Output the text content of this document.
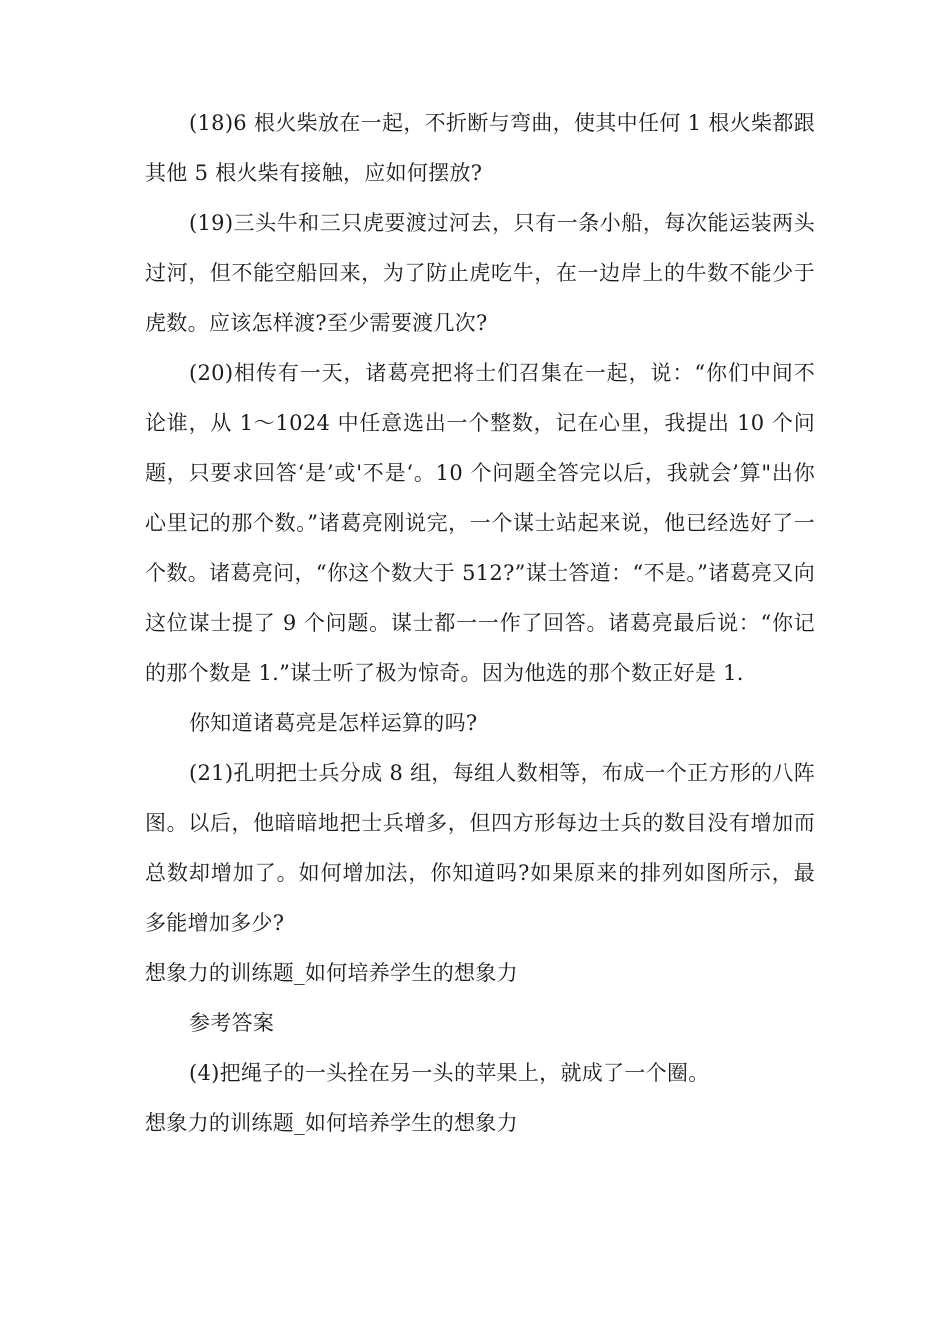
(18)6 根火柴放在一起，不折断与弯曲，使其中任何 1 根火柴都跟其他 5 根火柴有接触，应如何摆放?

(19)三头牛和三只虎要渡过河去，只有一条小船，每次能运装两头过河，但不能空船回来，为了防止虎吃牛，在一边岸上的牛数不能少于虎数。应该怎样渡?至少需要渡几次?

(20)相传有一天，诸葛亮把将士们召集在一起，说：“你们中间不论谁，从 1～1024 中任意选出一个整数，记在心里，我提出 10 个问题，只要求回答‘是’或'不是‘。10 个问题全答完以后，我就会’算"出你心里记的那个数。”诸葛亮刚说完，一个谋士站起来说，他已经选好了一个数。诸葛亮问，“你这个数大于 512?”谋士答道：“不是。”诸葛亮又向这位谋士提了 9 个问题。谋士都一一作了回答。诸葛亮最后说：“你记的那个数是 1.”谋士听了极为惊奇。因为他选的那个数正好是 1.

你知道诸葛亮是怎样运算的吗?

(21)孔明把士兵分成 8 组，每组人数相等，布成一个正方形的八阵图。以后，他暗暗地把士兵增多，但四方形每边士兵的数目没有增加而总数却增加了。如何增加法，你知道吗?如果原来的排列如图所示，最多能增加多少?

想象力的训练题_如何培养学生的想象力

参考答案

(4)把绳子的一头拴在另一头的苹果上，就成了一个圈。

想象力的训练题_如何培养学生的想象力
